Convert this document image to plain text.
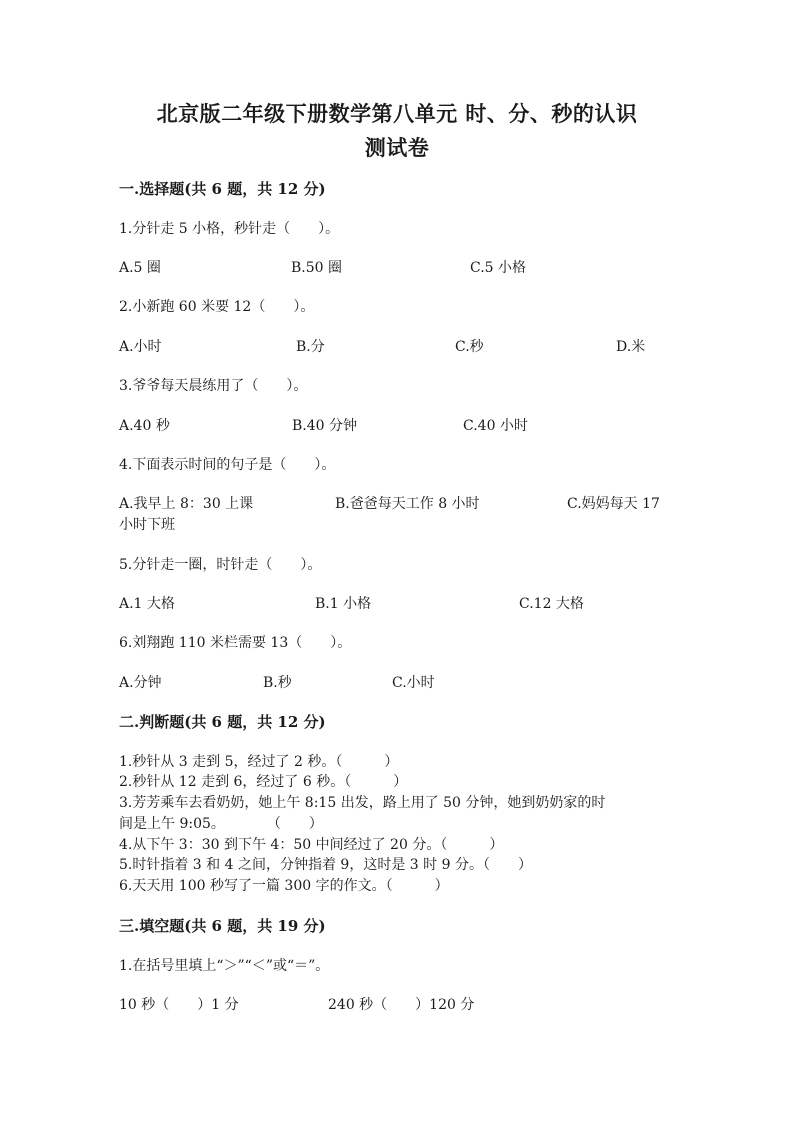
北京版二年级下册数学第八单元 时、分、秒的认识
测试卷
一.选择题(共 6 题，共 12 分)
1.分针走 5 小格，秒针走（　　）。
A.5 圈	B.50 圈	C.5 小格
2.小新跑 60 米要 12（　　）。
A.小时	B.分	C.秒	D.米
3.爷爷每天晨练用了（　　）。
A.40 秒	B.40 分钟	C.40 小时
4.下面表示时间的句子是（　　）。
A.我早上 8：30 上课	B.爸爸每天工作 8 小时	C.妈妈每天 17
小时下班
5.分针走一圈，时针走（　　）。
A.1 大格	B.1 小格	C.12 大格
6.刘翔跑 110 米栏需要 13（　　）。
A.分钟	B.秒	C.小时
二.判断题(共 6 题，共 12 分)
1.秒针从 3 走到 5，经过了 2 秒。（　　　）
2.秒针从 12 走到 6，经过了 6 秒。（　　　）
3.芳芳乘车去看奶奶，她上午 8:15 出发，路上用了 50 分钟，她到奶奶家的时
间是上午 9:05。　　　　（　　）
4.从下午 3：30 到下午 4：50 中间经过了 20 分。（　　　）
5.时针指着 3 和 4 之间，分钟指着 9，这时是 3 时 9 分。（　　）
6.天天用 100 秒写了一篇 300 字的作文。（　　　）
三.填空题(共 6 题，共 19 分)
1.在括号里填上“＞”“＜”或“＝”。
10 秒（　　）1 分	240 秒（　　）120 分
